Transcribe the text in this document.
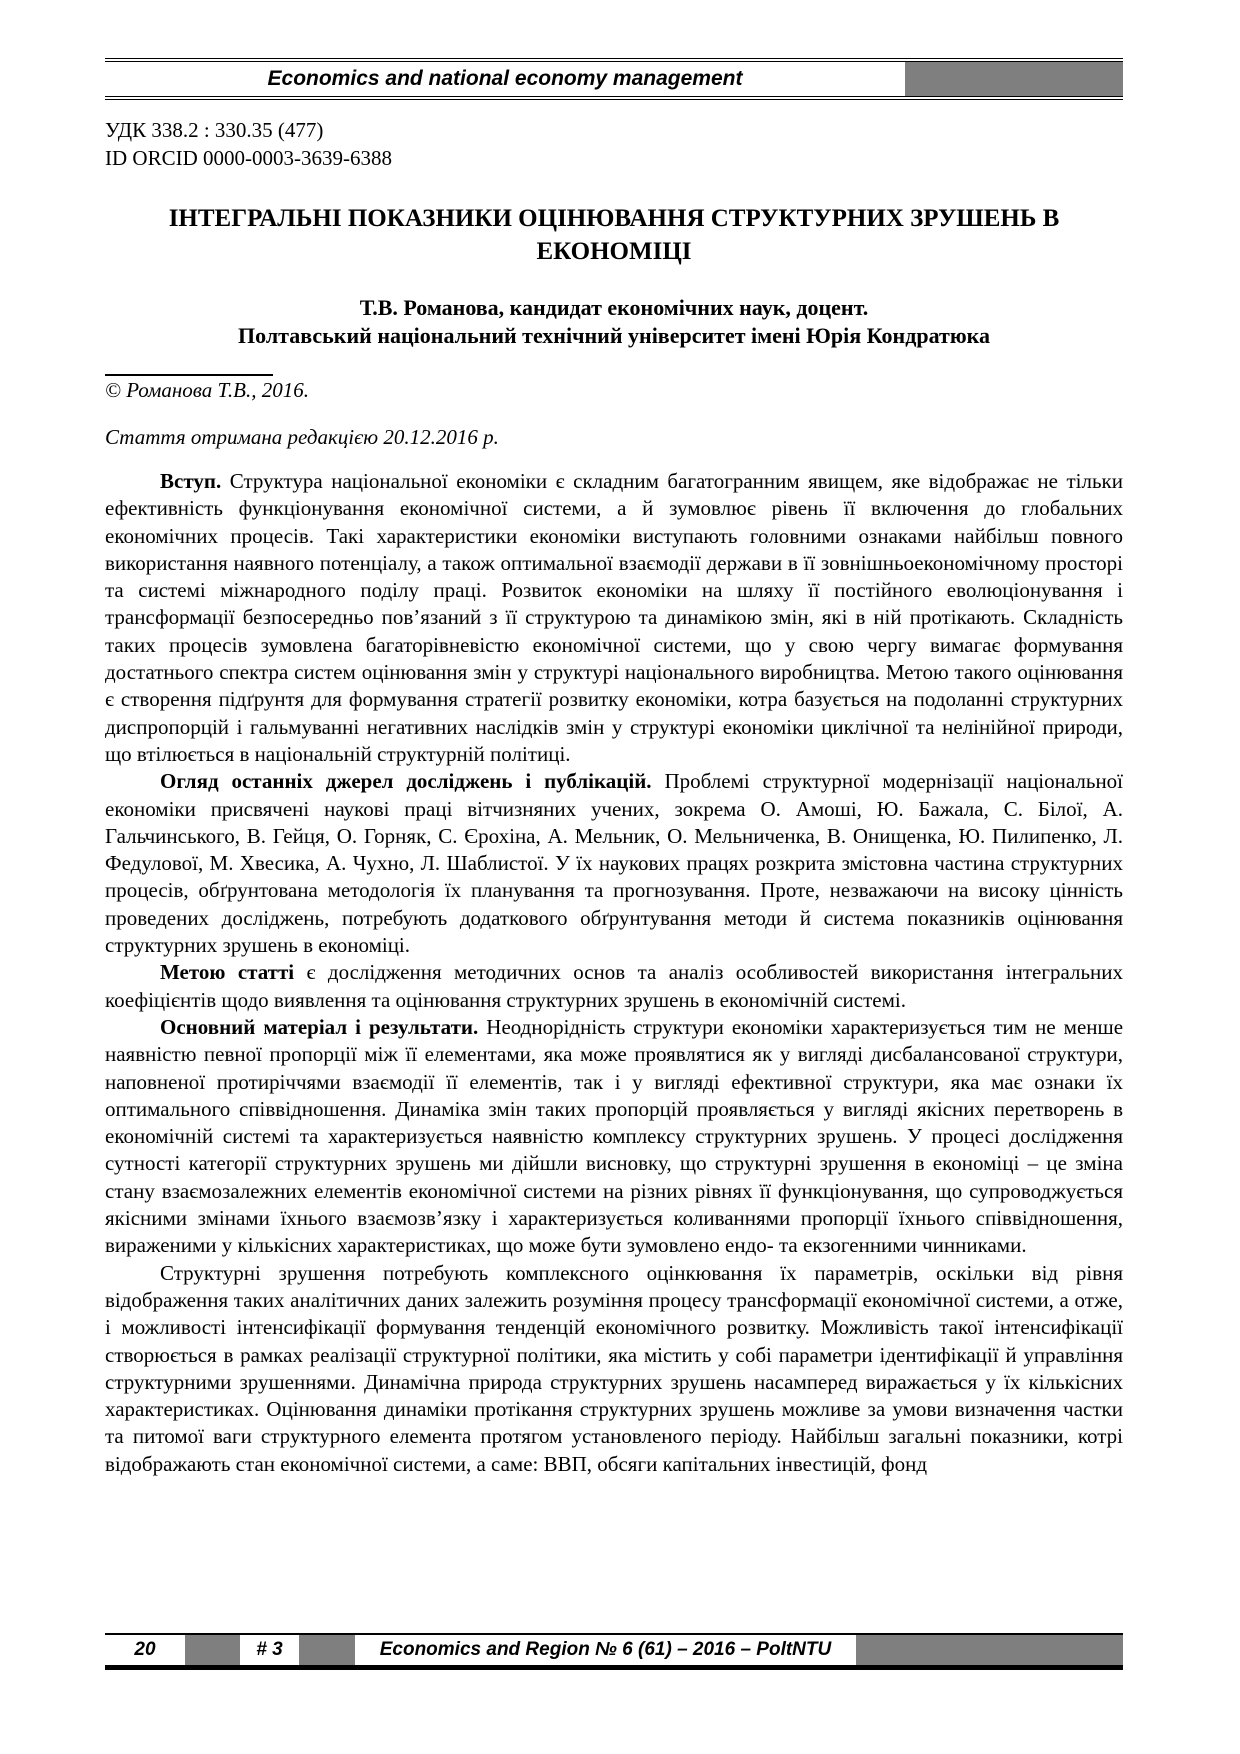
Economics and national economy management
УДК 338.2 : 330.35 (477)
ID ORCID 0000-0003-3639-6388
ІНТЕГРАЛЬНІ ПОКАЗНИКИ ОЦІНЮВАННЯ СТРУКТУРНИХ ЗРУШЕНЬ В ЕКОНОМІЦІ
Т.В. Романова, кандидат економічних наук, доцент.
Полтавський національний технічний університет імені Юрія Кондратюка
© Романова Т.В., 2016.
Стаття отримана редакцією 20.12.2016 р.

Вступ. Структура національної економіки є складним багатогранним явищем, яке відображає не тільки ефективність функціонування економічної системи, а й зумовлює рівень її включення до глобальних економічних процесів. Такі характеристики економіки виступають головними ознаками найбільш повного використання наявного потенціалу, а також оптимальної взаємодії держави в її зовнішньоекономічному просторі та системі міжнародного поділу праці. Розвиток економіки на шляху її постійного еволюціонування і трансформації безпосередньо пов’язаний з її структурою та динамікою змін, які в ній протікають. Складність таких процесів зумовлена багаторівневістю економічної системи, що у свою чергу вимагає формування достатнього спектра систем оцінювання змін у структурі національного виробництва. Метою такого оцінювання є створення підґрунтя для формування стратегії розвитку економіки, котра базується на подоланні структурних диспропорцій і гальмуванні негативних наслідків змін у структурі економіки циклічної та нелінійної природи, що втілюється в національній структурній політиці.

Огляд останніх джерел досліджень і публікацій. Проблемі структурної модернізації національної економіки присвячені наукові праці вітчизняних учених, зокрема О. Амоші, Ю. Бажала, С. Білої, А. Гальчинського, В. Гейця, О. Горняк, С. Єрохіна, А. Мельник, О. Мельниченка, В. Онищенка, Ю. Пилипенко, Л. Федулової, М. Хвесика, А. Чухно, Л. Шаблистої. У їх наукових працях розкрита змістовна частина структурних процесів, обґрунтована методологія їх планування та прогнозування. Проте, незважаючи на високу цінність проведених досліджень, потребують додаткового обґрунтування методи й система показників оцінювання структурних зрушень в економіці.

Метою статті є дослідження методичних основ та аналіз особливостей використання інтегральних коефіцієнтів щодо виявлення та оцінювання структурних зрушень в економічній системі.

Основний матеріал і результати. Неоднорідність структури економіки характеризується тим не менше наявністю певної пропорції між її елементами, яка може проявлятися як у вигляді дисбалансованої структури, наповненої протиріччями взаємодії її елементів, так і у вигляді ефективної структури, яка має ознаки їх оптимального співвідношення. Динаміка змін таких пропорцій проявляється у вигляді якісних перетворень в економічній системі та характеризується наявністю комплексу структурних зрушень. У процесі дослідження сутності категорії структурних зрушень ми дійшли висновку, що структурні зрушення в економіці – це зміна стану взаємозалежних елементів економічної системи на різних рівнях її функціонування, що супроводжується якісними змінами їхнього взаємозв’язку і характеризується коливаннями пропорції їхнього співвідношення, вираженими у кількісних характеристиках, що може бути зумовлено ендо- та екзогенними чинниками.

Структурні зрушення потребують комплексного оцінкювання їх параметрів, оскільки від рівня відображення таких аналітичних даних залежить розуміння процесу трансформації економічної системи, а отже, і можливості інтенсифікації формування тенденцій економічного розвитку. Можливість такої інтенсифікації створюється в рамках реалізації структурної політики, яка містить у собі параметри ідентифікації й управління структурними зрушеннями. Динамічна природа структурних зрушень насамперед виражається у їх кількісних характеристиках. Оцінювання динаміки протікання структурних зрушень можливе за умови визначення частки та питомої ваги структурного елемента протягом установленого періоду. Найбільш загальні показники, котрі відображають стан економічної системи, а саме: ВВП, обсяги капітальних інвестицій, фонд

20	# 3	Economics and Region № 6 (61) – 2016 – PoltNTU
